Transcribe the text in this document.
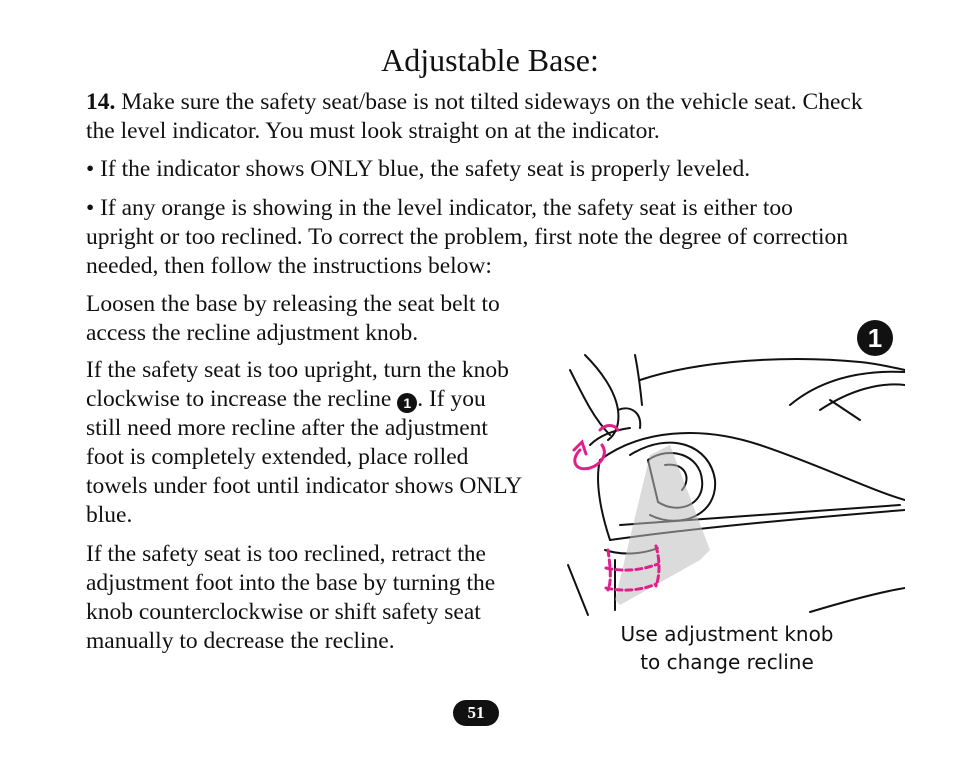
Adjustable Base:

14. Make sure the safety seat/base is not tilted sideways on the vehicle seat. Check the level indicator. You must look straight on at the indicator.

• If the indicator shows ONLY blue, the safety seat is properly leveled.

• If any orange is showing in the level indicator, the safety seat is either too upright or too reclined. To correct the problem, first note the degree of correction needed, then follow the instructions below:

Loosen the base by releasing the seat belt to access the recline adjustment knob.

If the safety seat is too upright, turn the knob clockwise to increase the recline 1 . If you still need more recline after the adjustment foot is completely extended, place rolled towels under foot until indicator shows ONLY blue.

If the safety seat is too reclined, retract the adjustment foot into the base by turning the knob counterclockwise or shift safety seat manually to decrease the recline.

1
Use adjustment knob
to change recline
51
